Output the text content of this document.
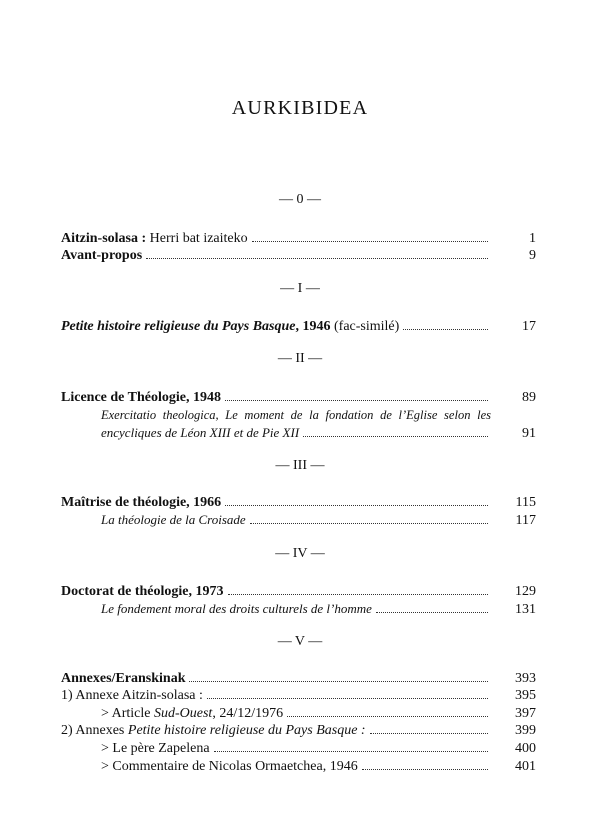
AURKIBIDEA
— 0 —
Aitzin-solasa : Herri bat izaiteko	1
Avant-propos	9
— I —
Petite histoire religieuse du Pays Basque, 1946 (fac-similé)	17
— II —
Licence de Théologie, 1948	89
Exercitatio theologica, Le moment de la fondation de l’Eglise selon les
encycliques de Léon XIII et de Pie XII	91
— III —
Maîtrise de théologie, 1966	115
La théologie de la Croisade	117
— IV —
Doctorat de théologie, 1973	129
Le fondement moral des droits culturels de l’homme	131
— V —
Annexes/Eranskinak	393
1) Annexe Aitzin-solasa :	395
> Article Sud-Ouest, 24/12/1976	397
2) Annexes Petite histoire religieuse du Pays Basque :	399
> Le père Zapelena	400
> Commentaire de Nicolas Ormaetchea, 1946	401
